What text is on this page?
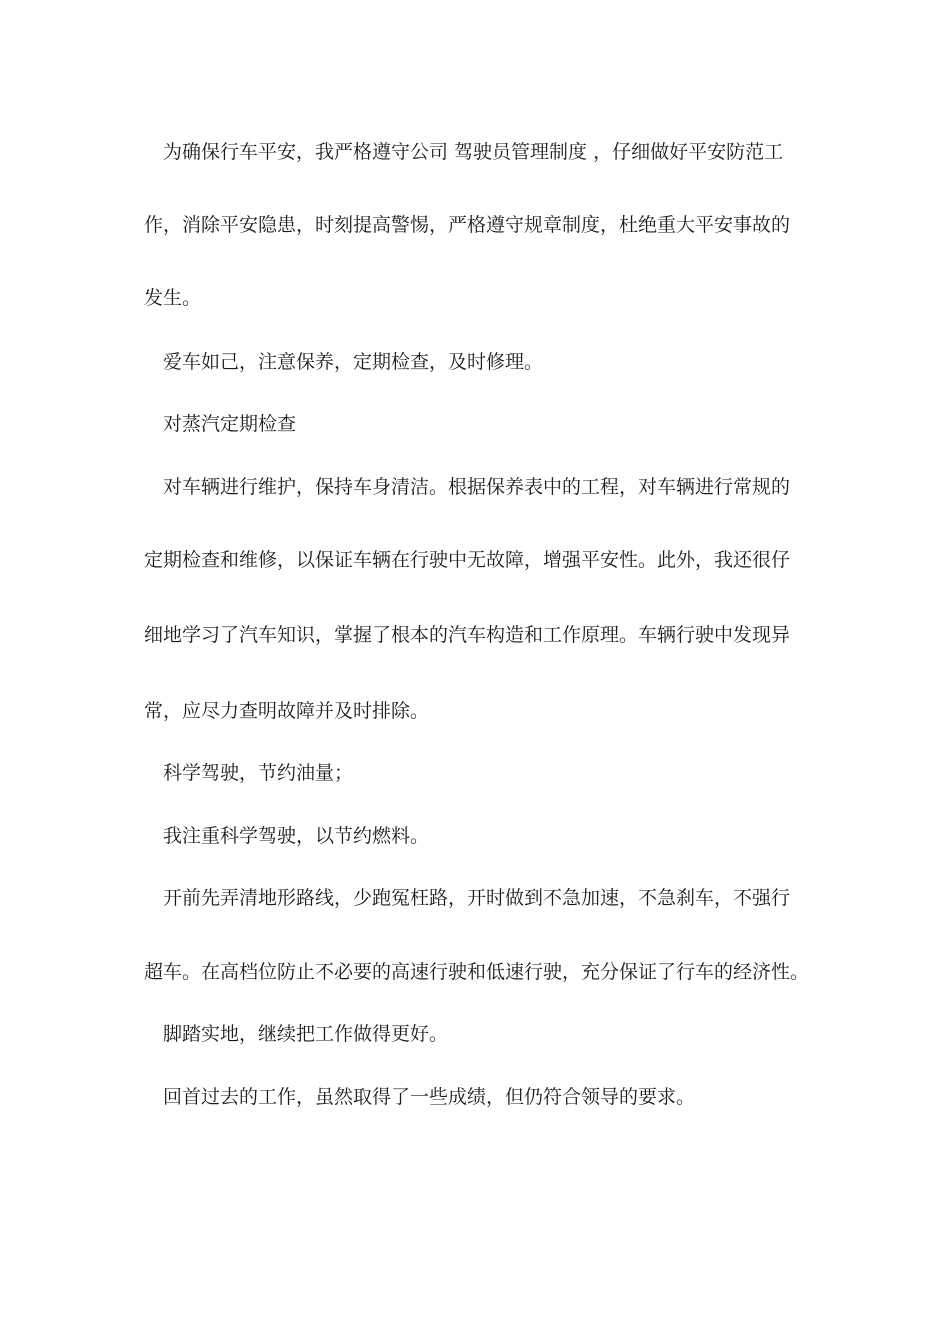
为确保行车平安，我严格遵守公司 驾驶员管理制度 ，仔细做好平安防范工
作，消除平安隐患，时刻提高警惕，严格遵守规章制度，杜绝重大平安事故的
发生。
爱车如己，注意保养，定期检查，及时修理。
对蒸汽定期检查
对车辆进行维护，保持车身清洁。根据保养表中的工程，对车辆进行常规的
定期检查和维修，以保证车辆在行驶中无故障，增强平安性。此外，我还很仔
细地学习了汽车知识，掌握了根本的汽车构造和工作原理。车辆行驶中发现异
常，应尽力查明故障并及时排除。
科学驾驶，节约油量；
我注重科学驾驶，以节约燃料。
开前先弄清地形路线，少跑冤枉路，开时做到不急加速，不急刹车，不强行
超车。在高档位防止不必要的高速行驶和低速行驶，充分保证了行车的经济性。
脚踏实地，继续把工作做得更好。
回首过去的工作，虽然取得了一些成绩，但仍符合领导的要求。
